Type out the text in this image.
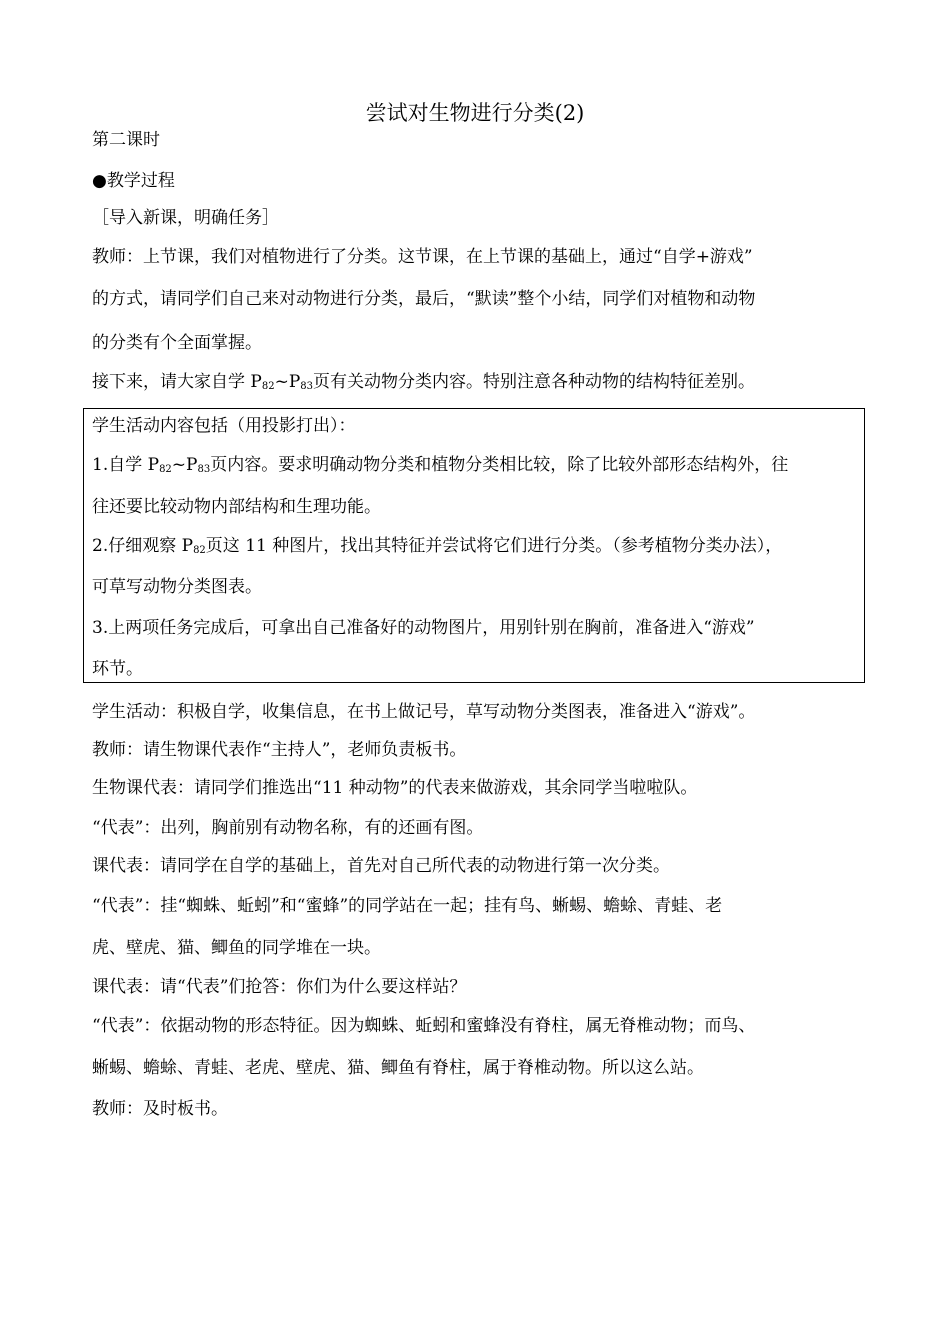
尝试对生物进行分类(2)
第二课时
●教学过程
［导入新课，明确任务］
教师：上节课，我们对植物进行了分类。这节课，在上节课的基础上，通过“自学+游戏”
的方式，请同学们自己来对动物进行分类，最后，“默读”整个小结，同学们对植物和动物
的分类有个全面掌握。
接下来，请大家自学 $P_{82}\sim P_{83}$页有关动物分类内容。特别注意各种动物的结构特征差别。
学生活动内容包括（用投影打出）：
1.自学 $P_{82}\sim P_{83}$页内容。要求明确动物分类和植物分类相比较，除了比较外部形态结构外，往
往还要比较动物内部结构和生理功能。
2.仔细观察 $P_{82}$页这 11 种图片，找出其特征并尝试将它们进行分类。（参考植物分类办法），
可草写动物分类图表。
3.上两项任务完成后，可拿出自己准备好的动物图片，用别针别在胸前，准备进入“游戏”
环节。
学生活动：积极自学，收集信息，在书上做记号，草写动物分类图表，准备进入“游戏”。
教师：请生物课代表作“主持人”，老师负责板书。
生物课代表：请同学们推选出“11 种动物”的代表来做游戏，其余同学当啦啦队。
“代表”：出列，胸前别有动物名称，有的还画有图。
课代表：请同学在自学的基础上，首先对自己所代表的动物进行第一次分类。
“代表”：挂“蜘蛛、蚯蚓”和“蜜蜂”的同学站在一起；挂有鸟、蜥蜴、蟾蜍、青蛙、老
虎、壁虎、猫、鲫鱼的同学堆在一块。
课代表：请“代表”们抢答：你们为什么要这样站？
“代表”：依据动物的形态特征。因为蜘蛛、蚯蚓和蜜蜂没有脊柱，属无脊椎动物；而鸟、
蜥蜴、蟾蜍、青蛙、老虎、壁虎、猫、鲫鱼有脊柱，属于脊椎动物。所以这么站。
教师：及时板书。
